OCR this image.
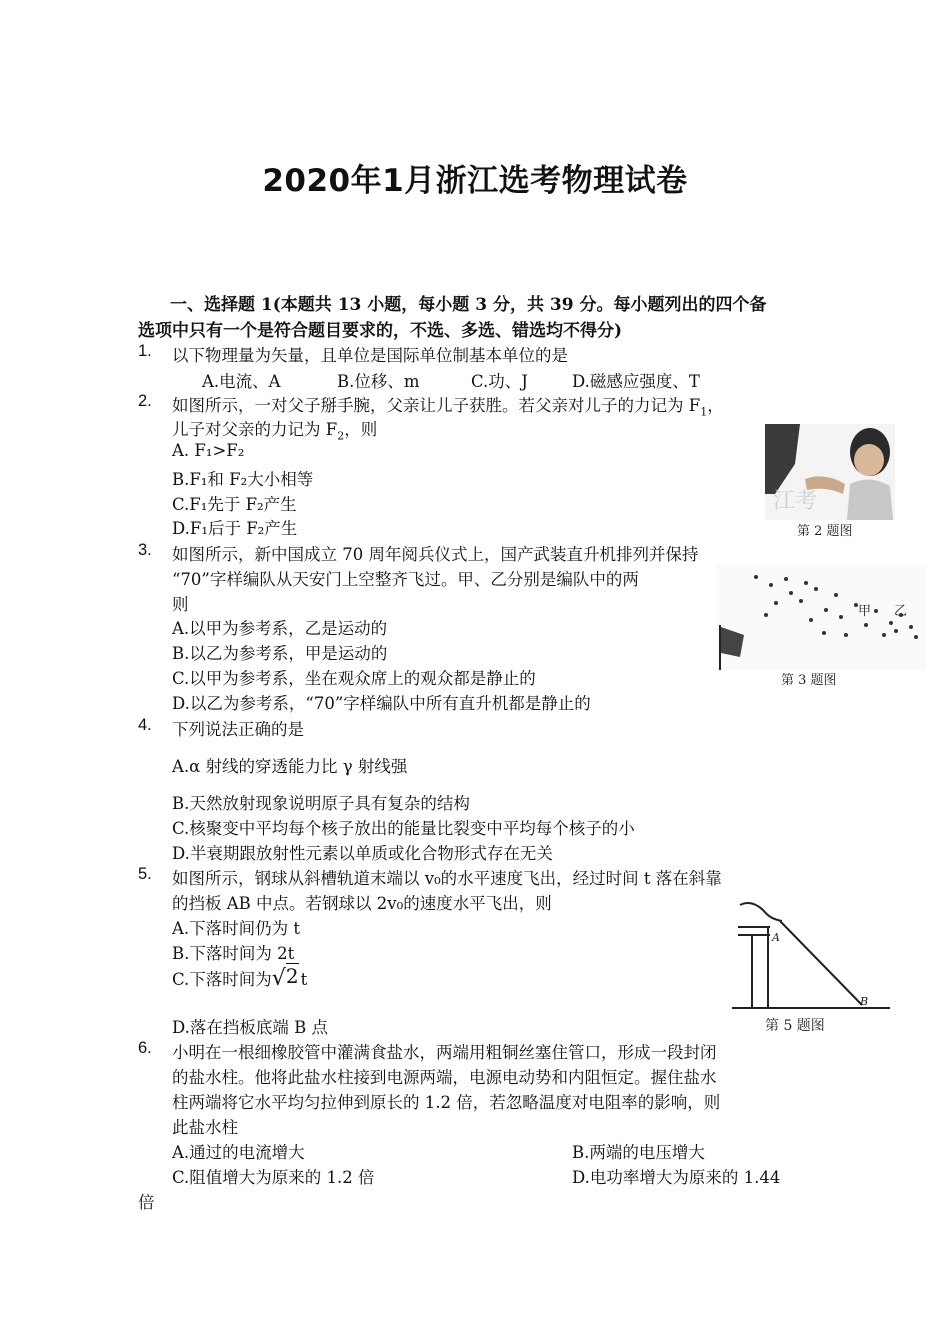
2020年1月浙江选考物理试卷
一、选择题 1(本题共 13 小题，每小题 3 分，共 39 分。每小题列出的四个备
选项中只有一个是符合题目要求的，不选、多选、错选均不得分)
1. 以下物理量为矢量，且单位是国际单位制基本单位的是
A.电流、A	B.位移、m	C.功、J	D.磁感应强度、T
2. 如图所示，一对父子掰手腕，父亲让儿子获胜。若父亲对儿子的力记为 $F_1$，
儿子对父亲的力记为 $F_2$，则
A. F₁>F₂
B.F₁和 F₂大小相等
C.F₁先于 F₂产生
D.F₁后于 F₂产生
江考
第 2 题图
3. 如图所示，新中国成立 70 周年阅兵仪式上，国产武装直升机排列并保持
“70”字样编队从天安门上空整齐飞过。甲、乙分别是编队中的两
则
A.以甲为参考系，乙是运动的
B.以乙为参考系，甲是运动的
C.以甲为参考系，坐在观众席上的观众都是静止的
D.以乙为参考系，“70”字样编队中所有直升机都是静止的
甲 乙
第 3 题图
4. 下列说法正确的是
A.α 射线的穿透能力比 γ 射线强
B.天然放射现象说明原子具有复杂的结构
C.核聚变中平均每个核子放出的能量比裂变中平均每个核子的小
D.半衰期跟放射性元素以单质或化合物形式存在无关
5. 如图所示，钢球从斜槽轨道末端以 v₀的水平速度飞出，经过时间 t 落在斜靠
的挡板 AB 中点。若钢球以 2v₀的速度水平飞出，则
A.下落时间仍为 t
B.下落时间为 2t
C.下落时间为√2 t
D.落在挡板底端 B 点
A
B
第 5 题图
6. 小明在一根细橡胶管中灌满食盐水，两端用粗铜丝塞住管口，形成一段封闭
的盐水柱。他将此盐水柱接到电源两端，电源电动势和内阻恒定。握住盐水
柱两端将它水平均匀拉伸到原长的 1.2 倍，若忽略温度对电阻率的影响，则
此盐水柱
A.通过的电流增大	B.两端的电压增大
C.阻值增大为原来的 1.2 倍	D.电功率增大为原来的 1.44
倍
